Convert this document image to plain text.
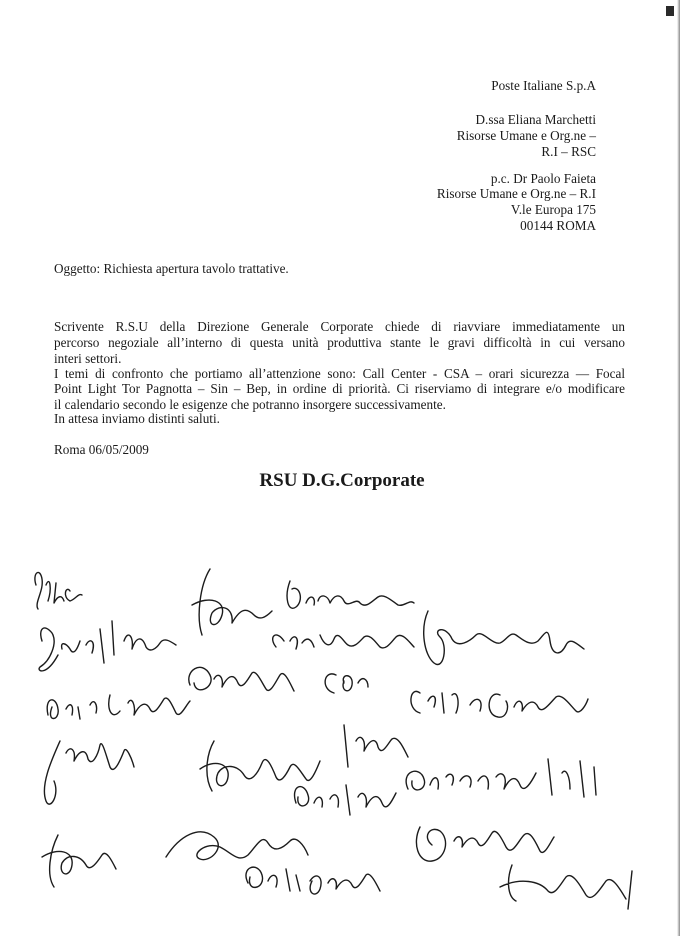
Poste Italiane S.p.A
D.ssa Eliana Marchetti
Risorse Umane e Org.ne –
R.I – RSC
p.c. Dr Paolo Faieta
Risorse Umane e Org.ne – R.I
V.le Europa 175
00144 ROMA
Oggetto: Richiesta apertura tavolo trattative.
Scrivente R.S.U della Direzione Generale Corporate chiede di riavviare immediatamente un
percorso negoziale all’interno di questa unità produttiva stante le gravi difficoltà in cui versano
interi settori.
I temi di confronto che portiamo all’attenzione sono: Call Center - CSA – orari sicurezza — Focal
Point Light Tor Pagnotta – Sin – Bep, in ordine di priorità. Ci riserviamo di integrare e/o modificare
il calendario secondo le esigenze che potranno insorgere successivamente.
In attesa inviamo distinti saluti.
Roma 06/05/2009
RSU D.G.Corporate
